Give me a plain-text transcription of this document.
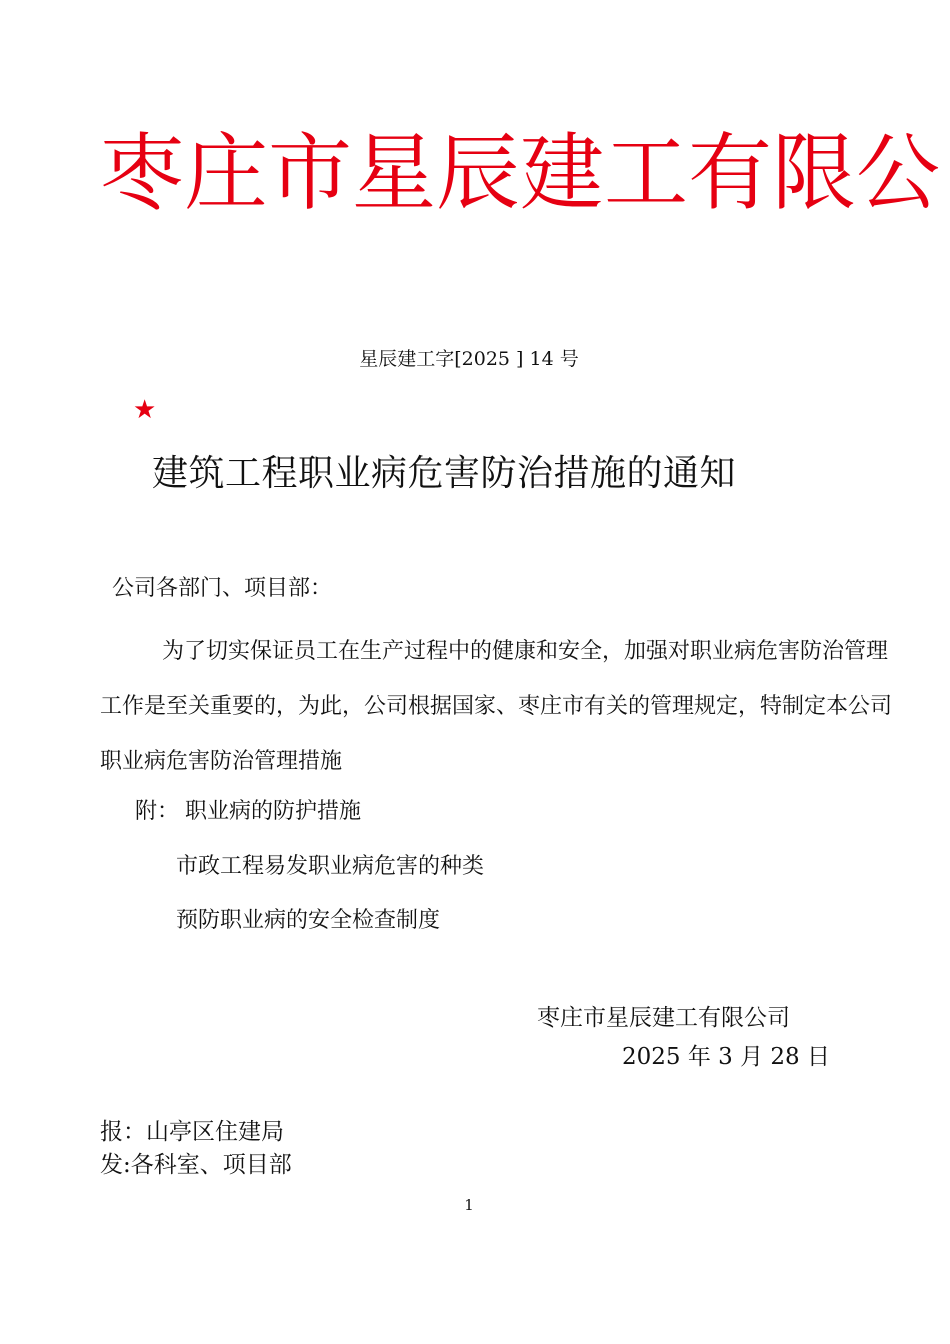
枣庄市星辰建工有限公
星辰建工字[2025 ] 14 号
★
建筑工程职业病危害防治措施的通知
公司各部门、项目部：
为了切实保证员工在生产过程中的健康和安全，加强对职业病危害防治管理工作是至关重要的，为此，公司根据国家、枣庄市有关的管理规定，特制定本公司职业病危害防治管理措施
附： 职业病的防护措施
市政工程易发职业病危害的种类
预防职业病的安全检查制度
枣庄市星辰建工有限公司
2025 年 3 月 28 日
报：山亭区住建局
发:各科室、项目部
1
